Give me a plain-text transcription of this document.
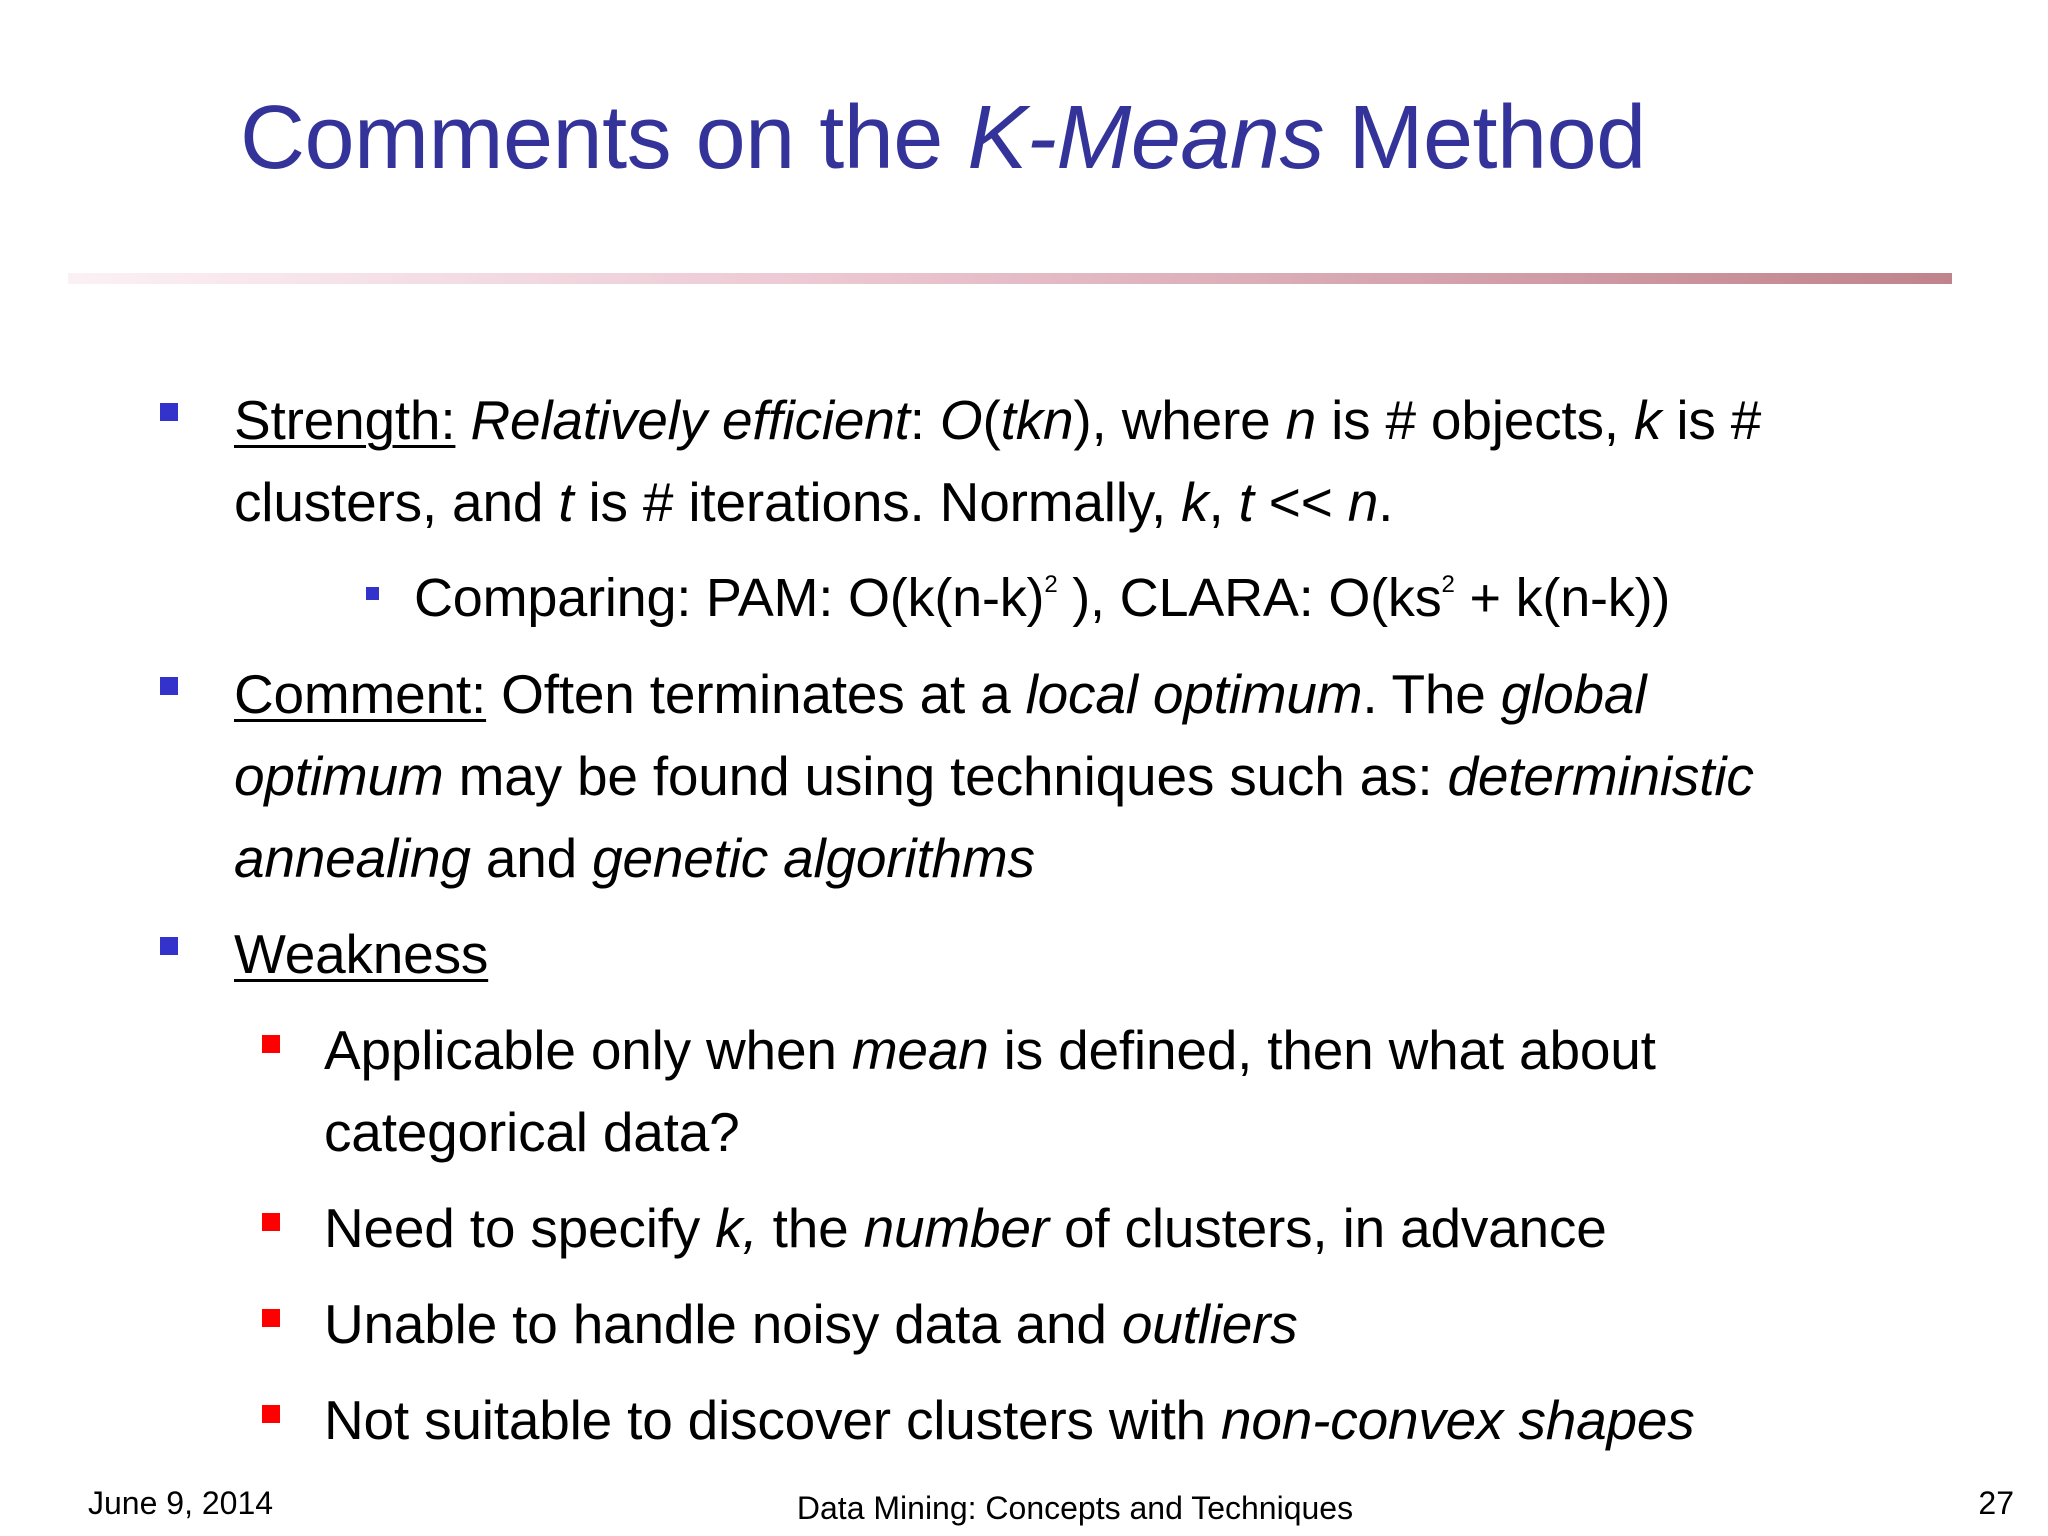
Comments on the K-Means Method
Strength: Relatively efficient: O(tkn), where n is # objects, k is #
clusters, and t is # iterations. Normally, k, t << n.
Comparing: PAM: $O(k(n-k)^2$ ), CLARA: $O(ks^2 + k(n-k))$
Comment: Often terminates at a local optimum. The global
optimum may be found using techniques such as: deterministic
annealing and genetic algorithms
Weakness
Applicable only when mean is defined, then what about
categorical data?
Need to specify k, the number of clusters, in advance
Unable to handle noisy data and outliers
Not suitable to discover clusters with non-convex shapes
June 9, 2014	Data Mining: Concepts and Techniques	27
